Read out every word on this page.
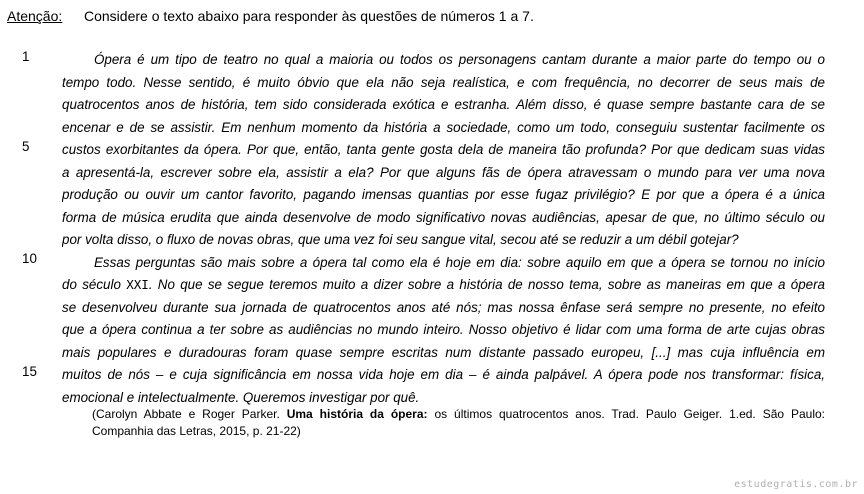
Atenção: Considere o texto abaixo para responder às questões de números 1 a 7.
1
5
10
15
Ópera é um tipo de teatro no qual a maioria ou todos os personagens cantam durante a maior parte do tempo ou o
tempo todo. Nesse sentido, é muito óbvio que ela não seja realística, e com frequência, no decorrer de seus mais de
quatrocentos anos de história, tem sido considerada exótica e estranha. Além disso, é quase sempre bastante cara de se
encenar e de se assistir. Em nenhum momento da história a sociedade, como um todo, conseguiu sustentar facilmente os
custos exorbitantes da ópera. Por que, então, tanta gente gosta dela de maneira tão profunda? Por que dedicam suas vidas
a apresentá-la, escrever sobre ela, assistir a ela? Por que alguns fãs de ópera atravessam o mundo para ver uma nova
produção ou ouvir um cantor favorito, pagando imensas quantias por esse fugaz privilégio? E por que a ópera é a única
forma de música erudita que ainda desenvolve de modo significativo novas audiências, apesar de que, no último século ou
por volta disso, o fluxo de novas obras, que uma vez foi seu sangue vital, secou até se reduzir a um débil gotejar?
Essas perguntas são mais sobre a ópera tal como ela é hoje em dia: sobre aquilo em que a ópera se tornou no início
do século XXI. No que se segue teremos muito a dizer sobre a história de nosso tema, sobre as maneiras em que a ópera
se desenvolveu durante sua jornada de quatrocentos anos até nós; mas nossa ênfase será sempre no presente, no efeito
que a ópera continua a ter sobre as audiências no mundo inteiro. Nosso objetivo é lidar com uma forma de arte cujas obras
mais populares e duradouras foram quase sempre escritas num distante passado europeu, [...] mas cuja influência em
muitos de nós – e cuja significância em nossa vida hoje em dia – é ainda palpável. A ópera pode nos transformar: física,
emocional e intelectualmente. Queremos investigar por quê.
(Carolyn Abbate e Roger Parker. Uma história da ópera: os últimos quatrocentos anos. Trad. Paulo Geiger. 1.ed. São Paulo: Companhia das Letras, 2015, p. 21-22)
estudegratis.com.br
